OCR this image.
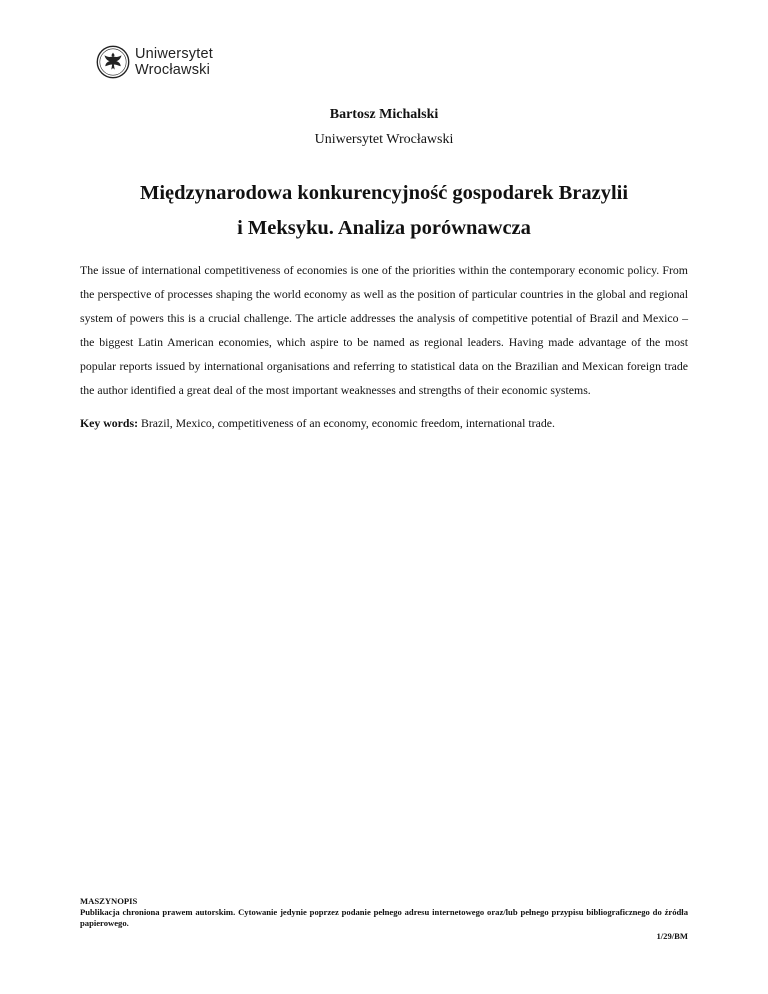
Uniwersytet
Wrocławski
Bartosz Michalski
Uniwersytet Wrocławski
Międzynarodowa konkurencyjność gospodarek Brazylii
i Meksyku. Analiza porównawcza

The issue of international competitiveness of economies is one of the priorities within the contemporary economic policy. From the perspective of processes shaping the world economy as well as the position of particular countries in the global and regional system of powers this is a crucial challenge. The article addresses the analysis of competitive potential of Brazil and Mexico – the biggest Latin American economies, which aspire to be named as regional leaders. Having made advantage of the most popular reports issued by international organisations and referring to statistical data on the Brazilian and Mexican foreign trade the author identified a great deal of the most important weaknesses and strengths of their economic systems.

Key words: Brazil, Mexico, competitiveness of an economy, economic freedom, international trade.

MASZYNOPIS
Publikacja chroniona prawem autorskim. Cytowanie jedynie poprzez podanie pełnego adresu internetowego oraz/lub pełnego przypisu bibliograficznego do źródła papierowego.
1/29/BM
